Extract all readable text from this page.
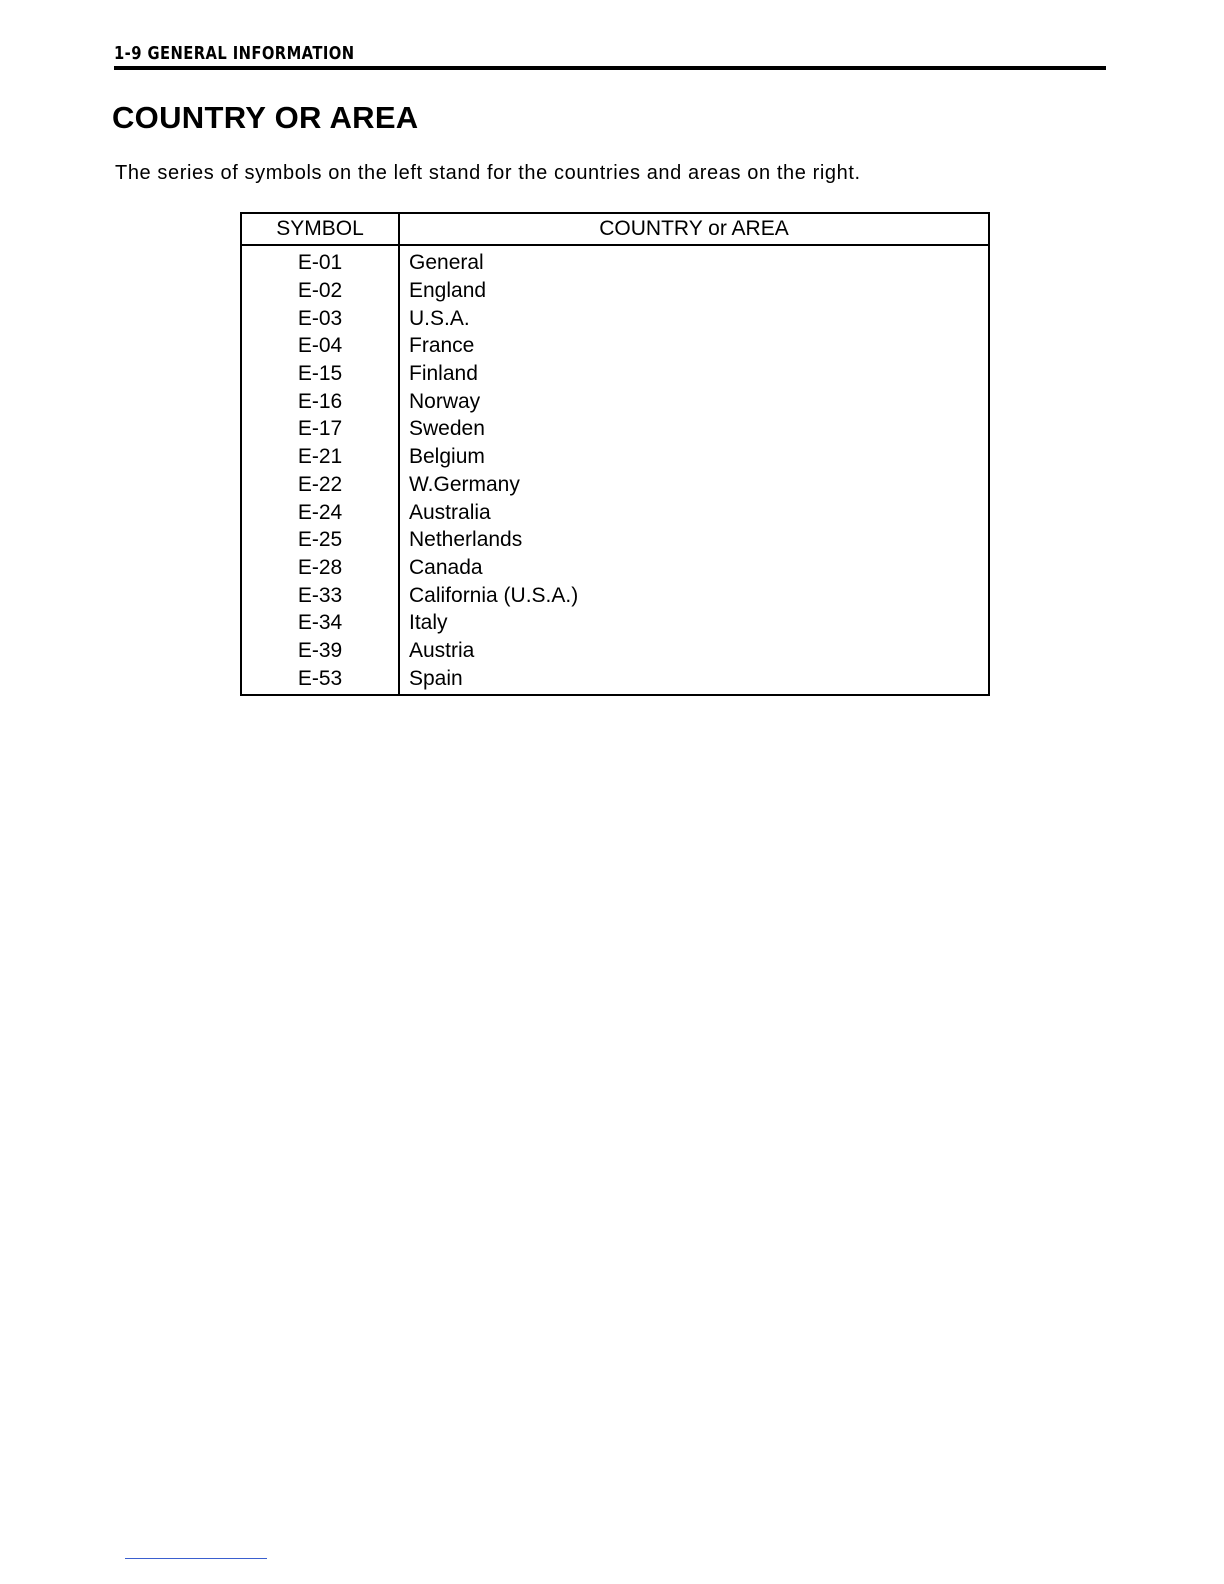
1-9 GENERAL INFORMATION
COUNTRY OR AREA

The series of symbols on the left stand for the countries and areas on the right.

SYMBOL	COUNTRY or AREA
E-01	General
E-02	England
E-03	U.S.A.
E-04	France
E-15	Finland
E-16	Norway
E-17	Sweden
E-21	Belgium
E-22	W.Germany
E-24	Australia
E-25	Netherlands
E-28	Canada
E-33	California (U.S.A.)
E-34	Italy
E-39	Austria
E-53	Spain
